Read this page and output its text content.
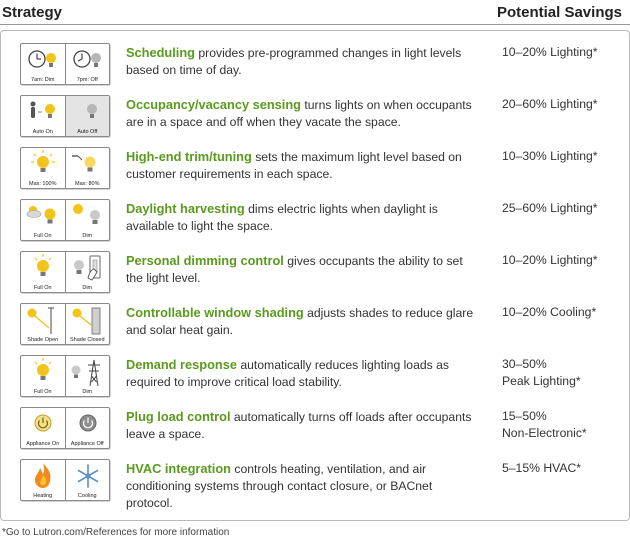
Strategy	Potential Savings
7am: Dim	7pm: Off
Scheduling provides pre-programmed changes in light levels based on time of day.
10–20% Lighting*
Auto On	Auto Off
Occupancy/vacancy sensing turns lights on when occupants are in a space and off when they vacate the space.
20–60% Lighting*
Max: 100%	Max: 80%
High-end trim/tuning sets the maximum light level based on customer requirements in each space.
10–30% Lighting*
Full On	Dim
Daylight harvesting dims electric lights when daylight is available to light the space.
25–60% Lighting*
Full On	Dim
Personal dimming control gives occupants the ability to set the light level.
10–20% Lighting*
Shade Open	Shade Closed
Controllable window shading adjusts shades to reduce glare and solar heat gain.
10–20% Cooling*
Full On	Dim
Demand response automatically reduces lighting loads as required to improve critical load stability.
30–50%
Peak Lighting*
Appliance On	Appliance Off
Plug load control automatically turns off loads after occupants leave a space.
15–50%
Non-Electronic*
Heating	Cooling
HVAC integration controls heating, ventilation, and air conditioning systems through contact closure, or BACnet protocol.
5–15% HVAC*
*Go to Lutron.com/References for more information
